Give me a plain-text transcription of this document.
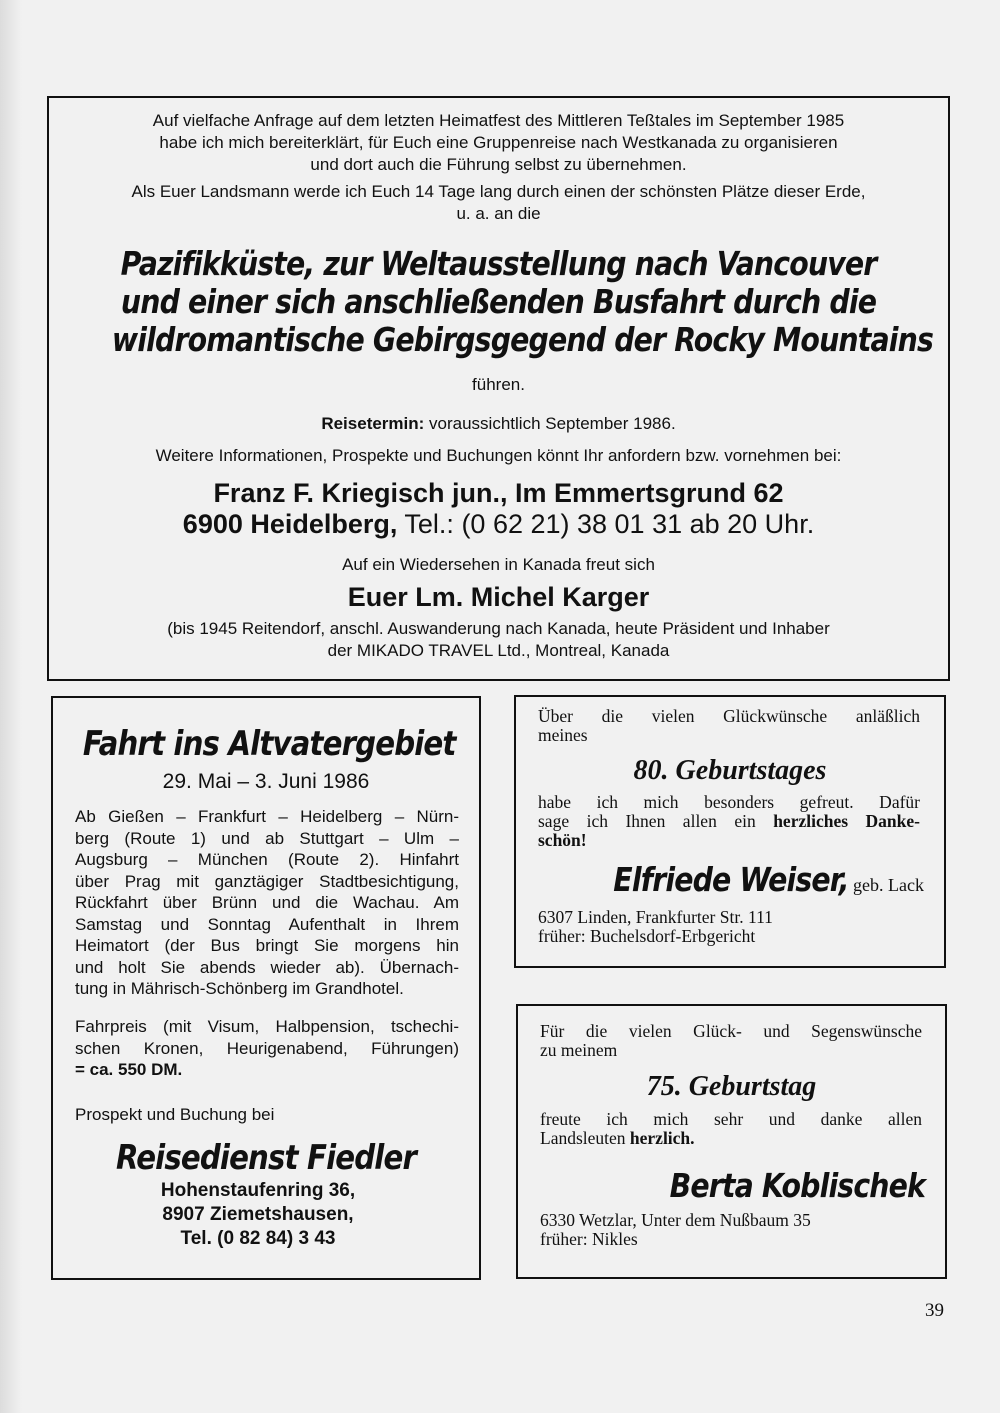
Auf vielfache Anfrage auf dem letzten Heimatfest des Mittleren Teßtales im September 1985
habe ich mich bereiterklärt, für Euch eine Gruppenreise nach Westkanada zu organisieren
und dort auch die Führung selbst zu übernehmen.
Als Euer Landsmann werde ich Euch 14 Tage lang durch einen der schönsten Plätze dieser Erde,
u. a. an die
Pazifikküste, zur Weltausstellung nach Vancouver
und einer sich anschließenden Busfahrt durch die
wildromantische Gebirgsgegend der Rocky Mountains
führen.
Reisetermin: voraussichtlich September 1986.
Weitere Informationen, Prospekte und Buchungen könnt Ihr anfordern bzw. vornehmen bei:
Franz F. Kriegisch jun., Im Emmertsgrund 62
6900 Heidelberg, Tel.: (0 62 21) 38 01 31 ab 20 Uhr.
Auf ein Wiedersehen in Kanada freut sich
Euer Lm. Michel Karger
(bis 1945 Reitendorf, anschl. Auswanderung nach Kanada, heute Präsident und Inhaber
der MIKADO TRAVEL Ltd., Montreal, Kanada
Fahrt ins Altvatergebiet
29. Mai – 3. Juni 1986
Ab Gießen – Frankfurt – Heidelberg – Nürn-
berg (Route 1) und ab Stuttgart – Ulm –
Augsburg – München (Route 2). Hinfahrt
über Prag mit ganztägiger Stadtbesichtigung,
Rückfahrt über Brünn und die Wachau. Am
Samstag und Sonntag Aufenthalt in Ihrem
Heimatort (der Bus bringt Sie morgens hin
und holt Sie abends wieder ab). Übernach-
tung in Mährisch-Schönberg im Grandhotel.
Fahrpreis (mit Visum, Halbpension, tschechi-
schen Kronen, Heurigenabend, Führungen)
= ca. 550 DM.
Prospekt und Buchung bei
Reisedienst Fiedler
Hohenstaufenring 36,
8907 Ziemetshausen,
Tel. (0 82 84) 3 43
Über die vielen Glückwünsche anläßlich
meines
80. Geburtstages
habe ich mich besonders gefreut. Dafür
sage ich Ihnen allen ein herzliches Danke-
schön!
Elfriede Weiser, geb. Lack
6307 Linden, Frankfurter Str. 111
früher: Buchelsdorf-Erbgericht
Für die vielen Glück- und Segenswünsche
zu meinem
75. Geburtstag
freute ich mich sehr und danke allen
Landsleuten herzlich.
Berta Koblischek
6330 Wetzlar, Unter dem Nußbaum 35
früher: Nikles
39
